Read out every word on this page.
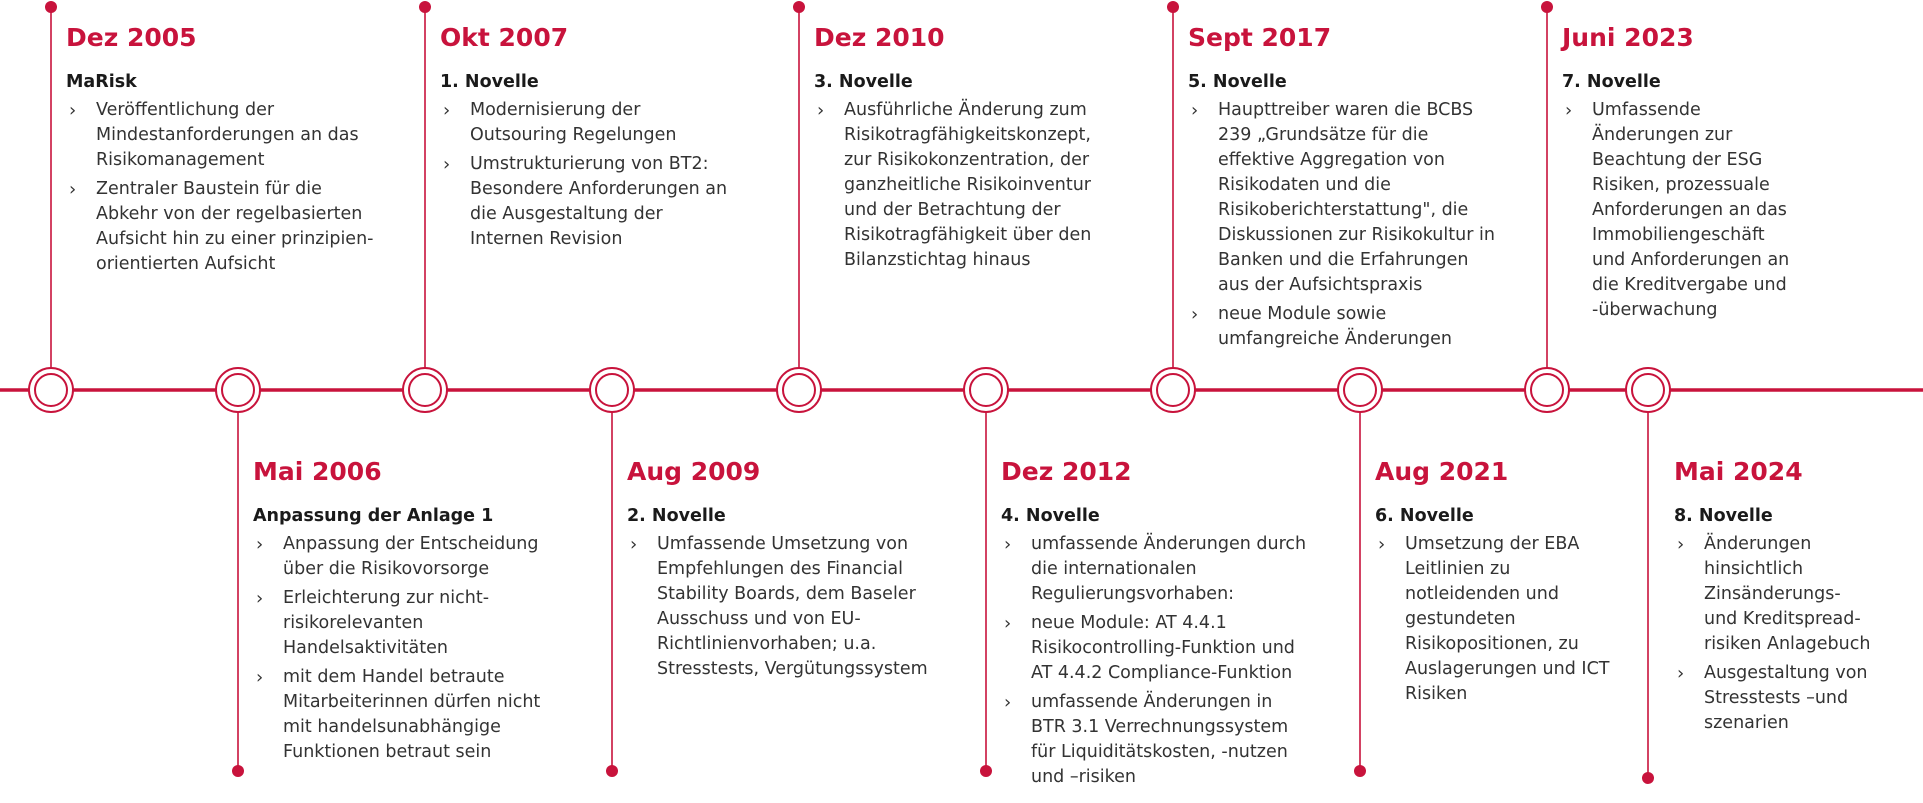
Dez 2005
MaRisk
› Veröffentlichung der
Mindestanforderungen an das
Risikomanagement
› Zentraler Baustein für die
Abkehr von der regelbasierten
Aufsicht hin zu einer prinzipien-
orientierten Aufsicht
Mai 2006
Anpassung der Anlage 1
› Anpassung der Entscheidung
über die Risikovorsorge
› Erleichterung zur nicht-
risikorelevanten
Handelsaktivitäten
› mit dem Handel betraute
Mitarbeiterinnen dürfen nicht
mit handelsunabhängige
Funktionen betraut sein
Okt 2007
1. Novelle
› Modernisierung der
Outsouring Regelungen
› Umstrukturierung von BT2:
Besondere Anforderungen an
die Ausgestaltung der
Internen Revision
Aug 2009
2. Novelle
› Umfassende Umsetzung von
Empfehlungen des Financial
Stability Boards, dem Baseler
Ausschuss und von EU-
Richtlinienvorhaben; u.a.
Stresstests, Vergütungssystem
Dez 2010
3. Novelle
› Ausführliche Änderung zum
Risikotragfähigkeitskonzept,
zur Risikokonzentration, der
ganzheitliche Risikoinventur
und der Betrachtung der
Risikotragfähigkeit über den
Bilanzstichtag hinaus
Dez 2012
4. Novelle
› umfassende Änderungen durch
die internationalen
Regulierungsvorhaben:
› neue Module: AT 4.4.1
Risikocontrolling-Funktion und
AT 4.4.2 Compliance-Funktion
› umfassende Änderungen in
BTR 3.1 Verrechnungssystem
für Liquiditätskosten, -nutzen
und –risiken
Sept 2017
5. Novelle
› Haupttreiber waren die BCBS
239 „Grundsätze für die
effektive Aggregation von
Risikodaten und die
Risikoberichterstattung", die
Diskussionen zur Risikokultur in
Banken und die Erfahrungen
aus der Aufsichtspraxis
› neue Module sowie
umfangreiche Änderungen
Aug 2021
6. Novelle
› Umsetzung der EBA
Leitlinien zu
notleidenden und
gestundeten
Risikopositionen, zu
Auslagerungen und ICT
Risiken
Juni 2023
7. Novelle
› Umfassende
Änderungen zur
Beachtung der ESG
Risiken, prozessuale
Anforderungen an das
Immobiliengeschäft
und Anforderungen an
die Kreditvergabe und
-überwachung
Mai 2024
8. Novelle
› Änderungen
hinsichtlich
Zinsänderungs-
und Kreditspread-
risiken Anlagebuch
› Ausgestaltung von
Stresstests –und
szenarien
